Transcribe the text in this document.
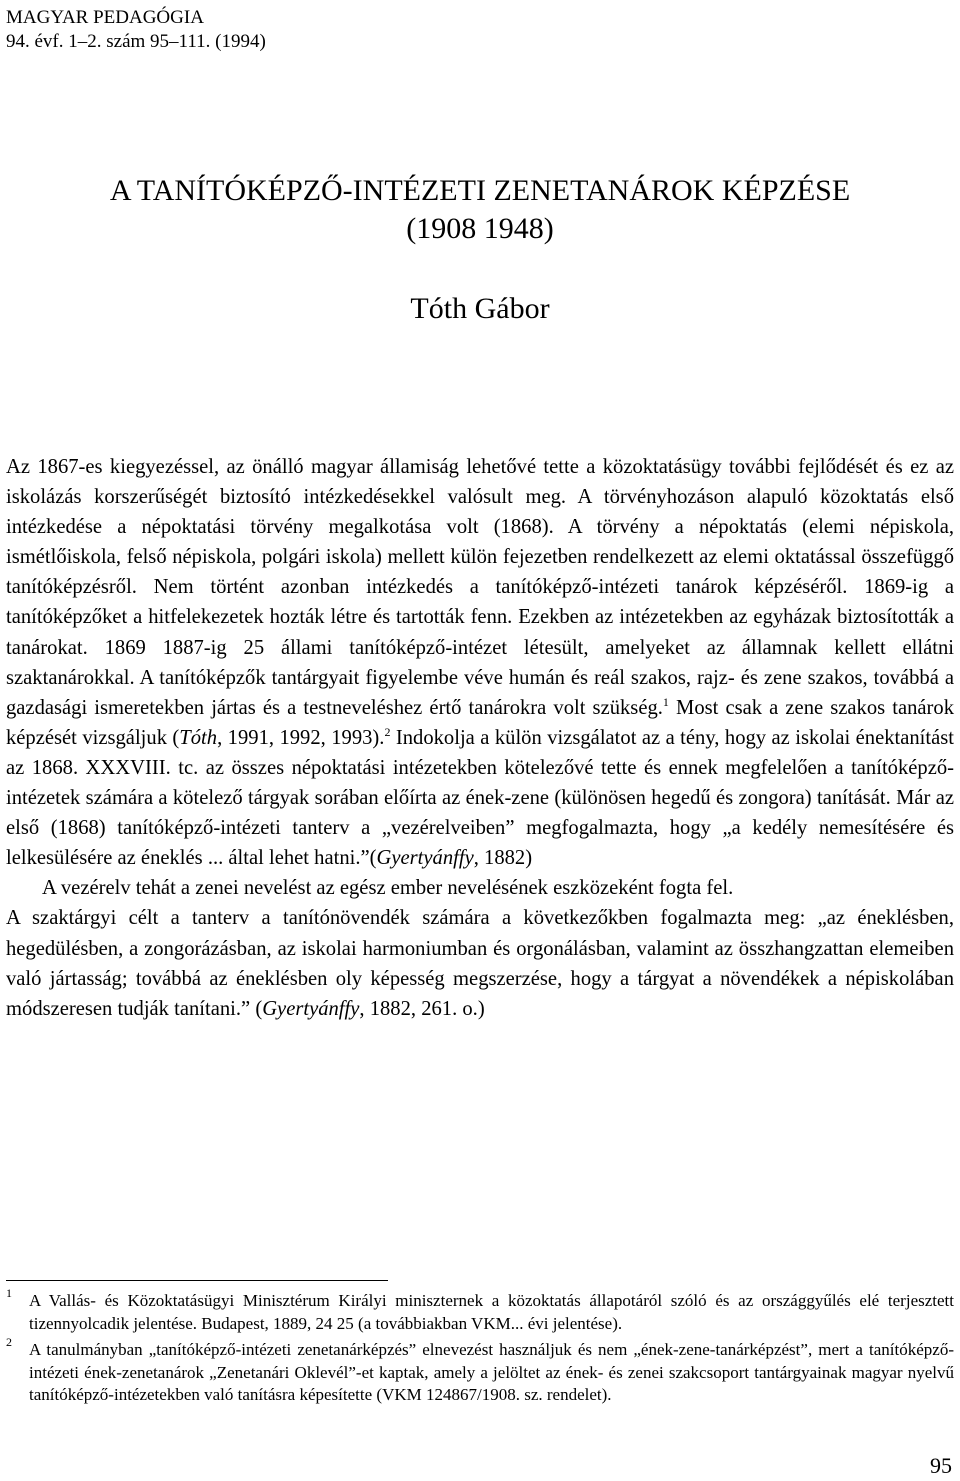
MAGYAR PEDAGÓGIA
94. évf. 1–2. szám 95–111. (1994)
A TANÍTÓKÉPZŐ-INTÉZETI ZENETANÁROK KÉPZÉSE
(1908 1948)
Tóth Gábor

Az 1867-es kiegyezéssel, az önálló magyar államiság lehetővé tette a közoktatásügy további fejlődését és ez az iskolázás korszerűségét biztosító intézkedésekkel valósult meg. A törvényhozáson alapuló közoktatás első intézkedése a népoktatási törvény megalkotása volt (1868). A törvény a népoktatás (elemi népiskola, ismétlőiskola, felső népiskola, polgári iskola) mellett külön fejezetben rendelkezett az elemi oktatással összefüggő tanítóképzésről. Nem történt azonban intézkedés a tanítóképző-intézeti tanárok képzéséről. 1869-ig a tanítóképzőket a hitfelekezetek hozták létre és tartották fenn. Ezekben az intézetekben az egyházak biztosították a tanárokat. 1869 1887-ig 25 állami tanítóképző-intézet létesült, amelyeket az államnak kellett ellátni szaktanárokkal. A tanítóképzők tantárgyait figyelembe véve humán és reál szakos, rajz- és zene szakos, továbbá a gazdasági ismeretekben jártas és a testneveléshez értő tanárokra volt szükség.$^1$ Most csak a zene szakos tanárok képzését vizsgáljuk (Tóth, 1991, 1992, 1993).$^2$ Indokolja a külön vizsgálatot az a tény, hogy az iskolai énektanítást az 1868. XXXVIII. tc. az összes népoktatási intézetekben kötelezővé tette és ennek megfelelően a tanítóképző-intézetek számára a kötelező tárgyak sorában előírta az ének-zene (különösen hegedű és zongora) tanítását. Már az első (1868) tanítóképző-intézeti tanterv a „vezérelveiben” megfogalmazta, hogy „a kedély nemesítésére és lelkesülésére az éneklés ... által lehet hatni.”(Gyertyánffy, 1882)

A vezérelv tehát a zenei nevelést az egész ember nevelésének eszközeként fogta fel.

A szaktárgyi célt a tanterv a tanítónövendék számára a következőkben fogalmazta meg: „az éneklésben, hegedülésben, a zongorázásban, az iskolai harmoniumban és orgonálásban, valamint az összhangzattan elemeiben való jártasság; továbbá az éneklésben oly képesség megszerzése, hogy a tárgyat a növendékek a népiskolában módszeresen tudják tanítani.” (Gyertyánffy, 1882, 261. o.)

1 A Vallás- és Közoktatásügyi Minisztérum Királyi miniszternek a közoktatás állapotáról szóló és az országgyűlés elé terjesztett tizennyolcadik jelentése. Budapest, 1889, 24 25 (a továbbiakban VKM... évi jelentése).
2 A tanulmányban „tanítóképző-intézeti zenetanárképzés” elnevezést használjuk és nem „ének-zene-tanárképzést”, mert a tanítóképző-intézeti ének-zenetanárok „Zenetanári Oklevél”-et kaptak, amely a jelöltet az ének- és zenei szakcsoport tantárgyainak magyar nyelvű tanítóképző-intézetekben való tanításra képesítette (VKM 124867/1908. sz. rendelet).
95
